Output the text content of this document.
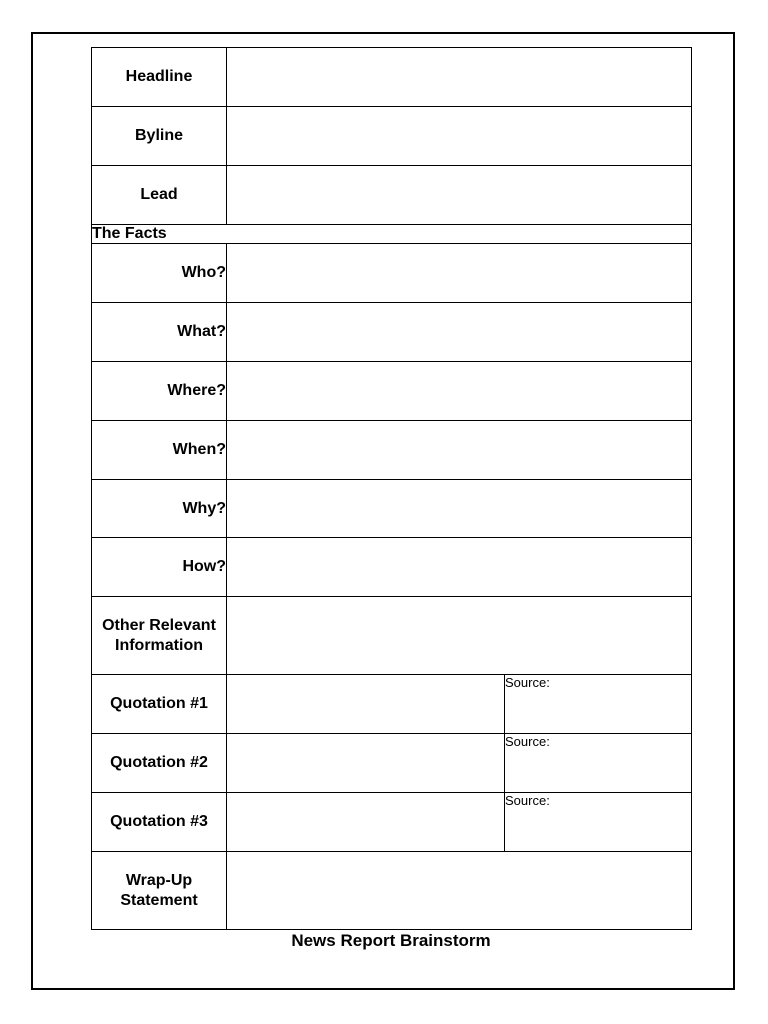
Headline		
Byline		
Lead		
The Facts		
Who?		
What?		
Where?		
When?		
Why?		
How?		
Other Relevant Information		
Quotation #1		Source:
Quotation #2		Source:
Quotation #3		Source:
Wrap-Up Statement		
News Report Brainstorm
